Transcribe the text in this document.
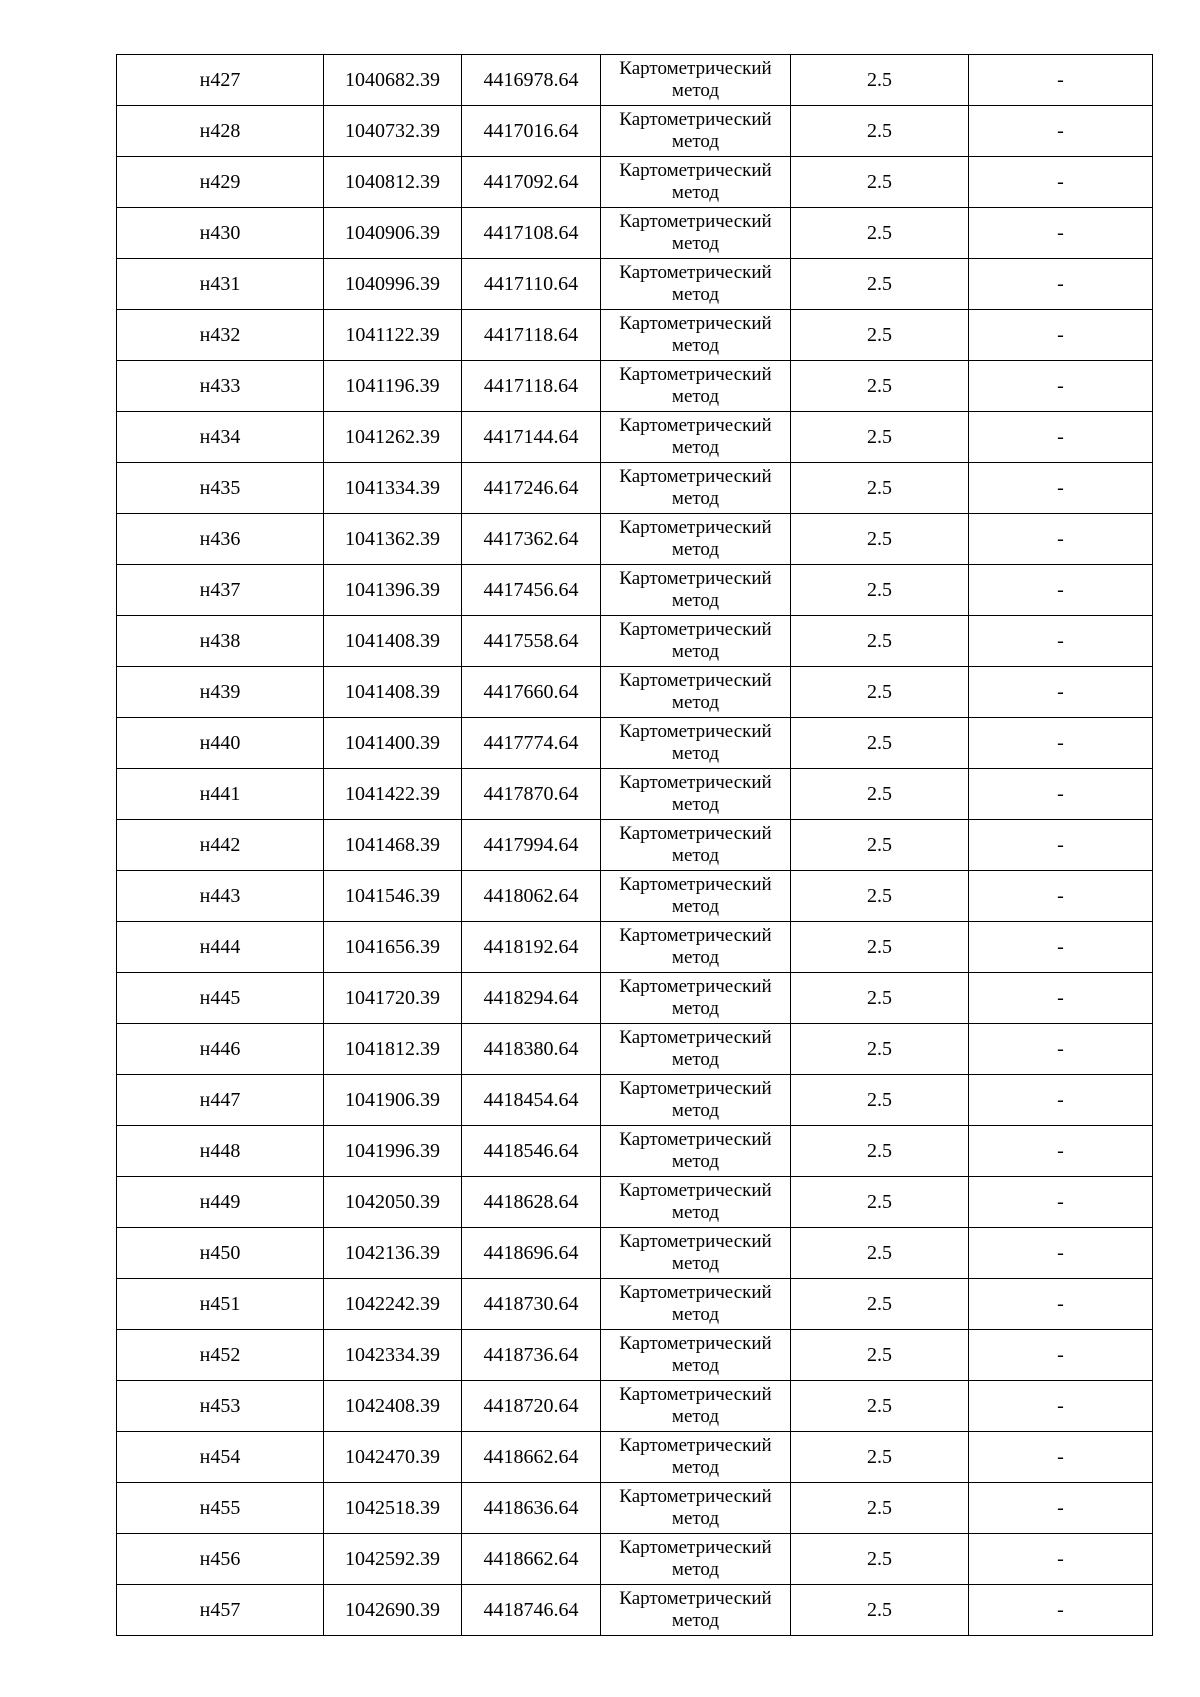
н427	1040682.39	4416978.64	Картометрический метод	2.5	-
н428	1040732.39	4417016.64	Картометрический метод	2.5	-
н429	1040812.39	4417092.64	Картометрический метод	2.5	-
н430	1040906.39	4417108.64	Картометрический метод	2.5	-
н431	1040996.39	4417110.64	Картометрический метод	2.5	-
н432	1041122.39	4417118.64	Картометрический метод	2.5	-
н433	1041196.39	4417118.64	Картометрический метод	2.5	-
н434	1041262.39	4417144.64	Картометрический метод	2.5	-
н435	1041334.39	4417246.64	Картометрический метод	2.5	-
н436	1041362.39	4417362.64	Картометрический метод	2.5	-
н437	1041396.39	4417456.64	Картометрический метод	2.5	-
н438	1041408.39	4417558.64	Картометрический метод	2.5	-
н439	1041408.39	4417660.64	Картометрический метод	2.5	-
н440	1041400.39	4417774.64	Картометрический метод	2.5	-
н441	1041422.39	4417870.64	Картометрический метод	2.5	-
н442	1041468.39	4417994.64	Картометрический метод	2.5	-
н443	1041546.39	4418062.64	Картометрический метод	2.5	-
н444	1041656.39	4418192.64	Картометрический метод	2.5	-
н445	1041720.39	4418294.64	Картометрический метод	2.5	-
н446	1041812.39	4418380.64	Картометрический метод	2.5	-
н447	1041906.39	4418454.64	Картометрический метод	2.5	-
н448	1041996.39	4418546.64	Картометрический метод	2.5	-
н449	1042050.39	4418628.64	Картометрический метод	2.5	-
н450	1042136.39	4418696.64	Картометрический метод	2.5	-
н451	1042242.39	4418730.64	Картометрический метод	2.5	-
н452	1042334.39	4418736.64	Картометрический метод	2.5	-
н453	1042408.39	4418720.64	Картометрический метод	2.5	-
н454	1042470.39	4418662.64	Картометрический метод	2.5	-
н455	1042518.39	4418636.64	Картометрический метод	2.5	-
н456	1042592.39	4418662.64	Картометрический метод	2.5	-
н457	1042690.39	4418746.64	Картометрический метод	2.5	-
